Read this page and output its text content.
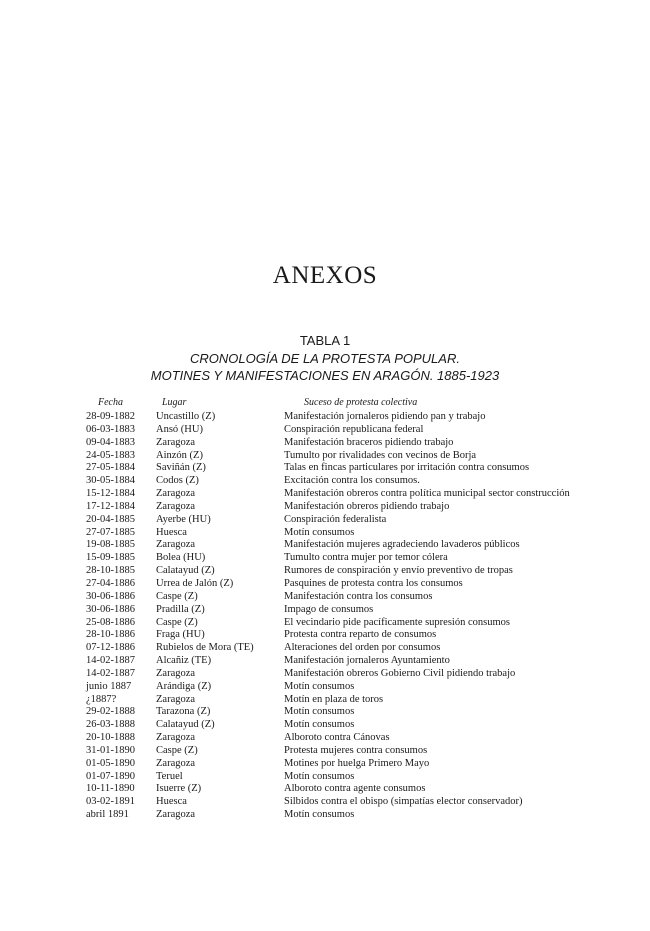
ANEXOS
TABLA 1
CRONOLOGÍA DE LA PROTESTA POPULAR.
MOTINES Y MANIFESTACIONES EN ARAGÓN. 1885-1923
Fecha	Lugar	Suceso de protesta colectiva
28-09-1882 Uncastillo (Z)	Manifestación jornaleros pidiendo pan y trabajo
06-03-1883 Ansó (HU)	Conspiración republicana federal
09-04-1883 Zaragoza	Manifestación braceros pidiendo trabajo
24-05-1883 Ainzón (Z)	Tumulto por rivalidades con vecinos de Borja
27-05-1884 Saviñán (Z)	Talas en fincas particulares por irritación contra consumos
30-05-1884 Codos (Z)	Excitación contra los consumos.
15-12-1884 Zaragoza	Manifestación obreros contra política municipal sector construcción
17-12-1884 Zaragoza	Manifestación obreros pidiendo trabajo
20-04-1885 Ayerbe (HU)	Conspiración federalista
27-07-1885 Huesca	Motín consumos
19-08-1885 Zaragoza	Manifestación mujeres agradeciendo lavaderos públicos
15-09-1885 Bolea (HU)	Tumulto contra mujer por temor cólera
28-10-1885 Calatayud (Z)	Rumores de conspiración y envío preventivo de tropas
27-04-1886 Urrea de Jalón (Z)	Pasquines de protesta contra los consumos
30-06-1886 Caspe (Z)	Manifestación contra los consumos
30-06-1886 Pradilla (Z)	Impago de consumos
25-08-1886 Caspe (Z)	El vecindario pide pacíficamente supresión consumos
28-10-1886 Fraga (HU)	Protesta contra reparto de consumos
07-12-1886 Rubielos de Mora (TE)	Alteraciones del orden por consumos
14-02-1887 Alcañiz (TE)	Manifestación jornaleros Ayuntamiento
14-02-1887 Zaragoza	Manifestación obreros Gobierno Civil pidiendo trabajo
junio 1887 Arándiga (Z)	Motín consumos
¿1887?	Zaragoza	Motín en plaza de toros
29-02-1888 Tarazona (Z)	Motín consumos
26-03-1888 Calatayud (Z)	Motín consumos
20-10-1888 Zaragoza	Alboroto contra Cánovas
31-01-1890 Caspe (Z)	Protesta mujeres contra consumos
01-05-1890 Zaragoza	Motines por huelga Primero Mayo
01-07-1890 Teruel	Motín consumos
10-11-1890 Isuerre (Z)	Alboroto contra agente consumos
03-02-1891 Huesca	Silbidos contra el obispo (simpatías elector conservador)
abril 1891	Zaragoza	Motín consumos
